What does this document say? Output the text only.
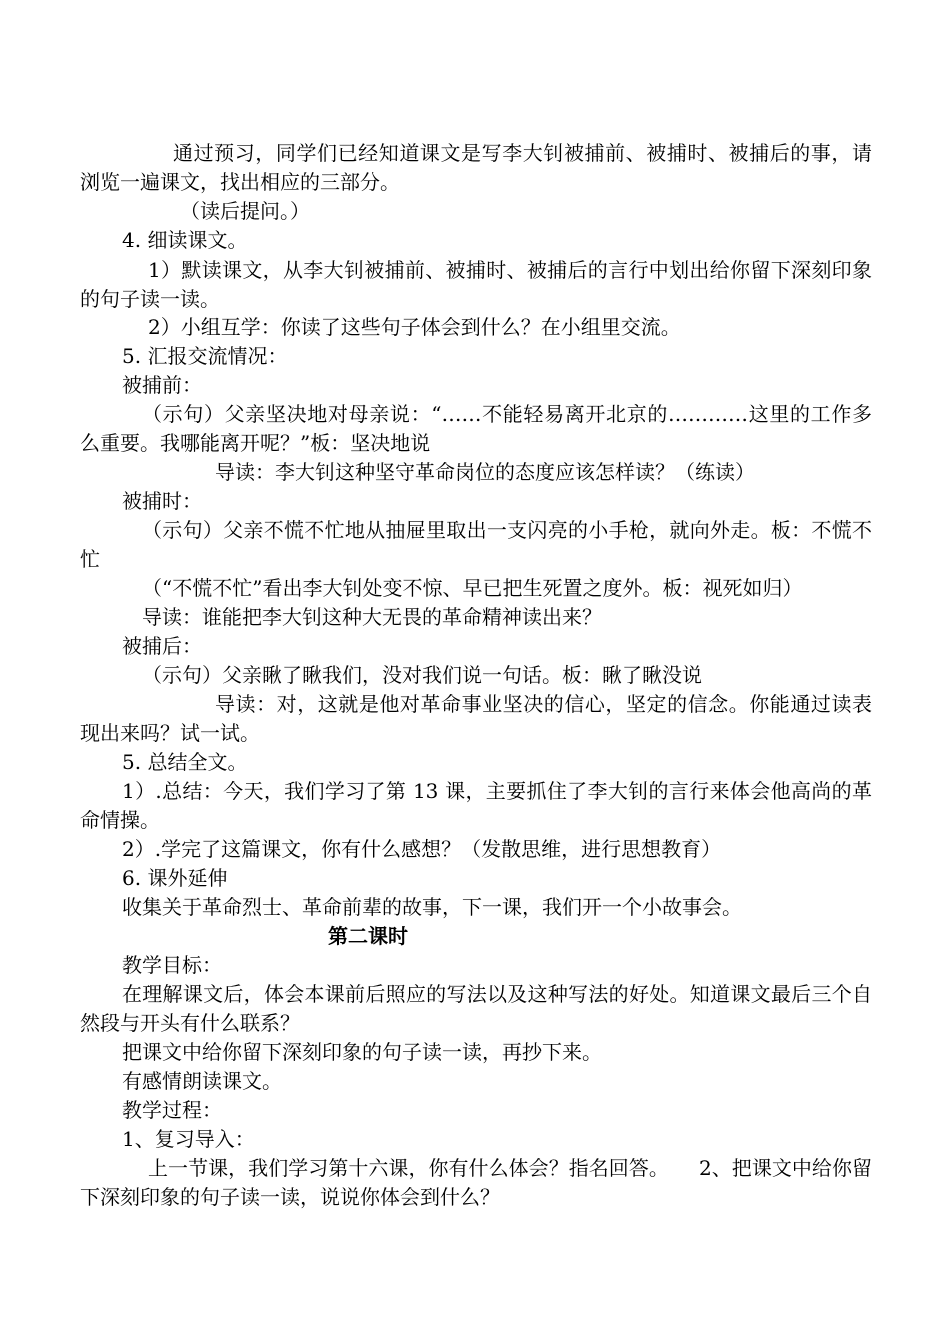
通过预习，同学们已经知道课文是写李大钊被捕前、被捕时、被捕后的事，请浏览一遍课文，找出相应的三部分。

（读后提问。）

4. 细读课文。

1）默读课文，从李大钊被捕前、被捕时、被捕后的言行中划出给你留下深刻印象的句子读一读。

2）小组互学：你读了这些句子体会到什么？在小组里交流。

5. 汇报交流情况：

被捕前：

（示句）父亲坚决地对母亲说：“……不能轻易离开北京的…………这里的工作多么重要。我哪能离开呢？”板：坚决地说

导读：李大钊这种坚守革命岗位的态度应该怎样读？（练读）

被捕时：

（示句）父亲不慌不忙地从抽屉里取出一支闪亮的小手枪，就向外走。板：不慌不忙

（“不慌不忙”看出李大钊处变不惊、早已把生死置之度外。板：视死如归）

导读：谁能把李大钊这种大无畏的革命精神读出来？

被捕后：

（示句）父亲瞅了瞅我们，没对我们说一句话。板：瞅了瞅没说

导读：对，这就是他对革命事业坚决的信心，坚定的信念。你能通过读表现出来吗？试一试。

5. 总结全文。

1）.总结：今天，我们学习了第 13 课，主要抓住了李大钊的言行来体会他高尚的革命情操。

2）.学完了这篇课文，你有什么感想？（发散思维，进行思想教育）

6. 课外延伸

收集关于革命烈士、革命前辈的故事，下一课，我们开一个小故事会。

第二课时

教学目标：

在理解课文后，体会本课前后照应的写法以及这种写法的好处。知道课文最后三个自然段与开头有什么联系？

把课文中给你留下深刻印象的句子读一读，再抄下来。

有感情朗读课文。

教学过程：

1、复习导入：

上一节课，我们学习第十六课，你有什么体会？指名回答。　　2、把课文中给你留下深刻印象的句子读一读，说说你体会到什么？
